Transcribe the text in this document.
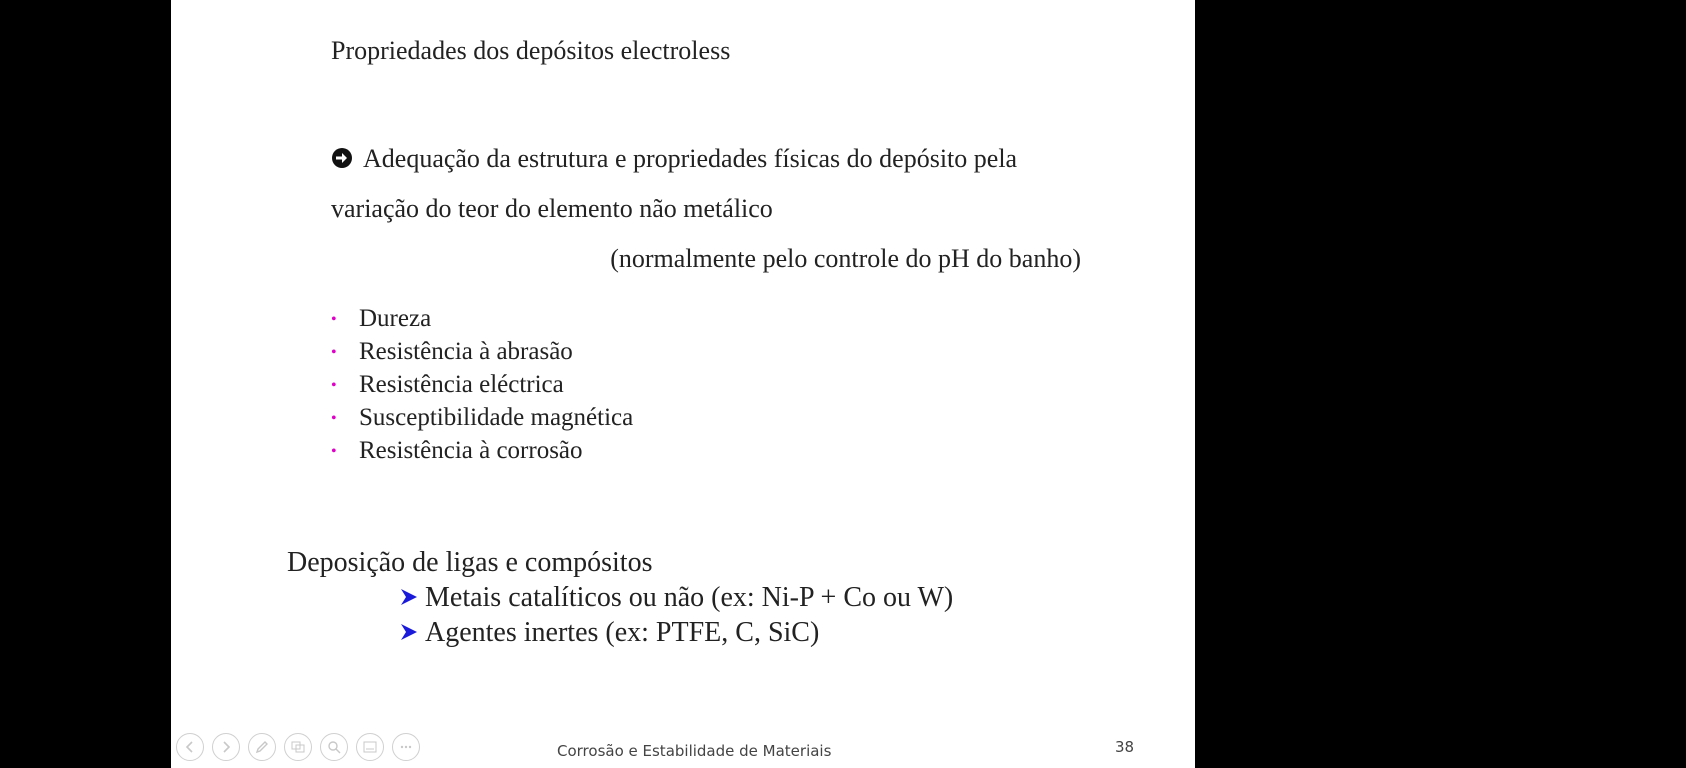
Propriedades dos depósitos electroless
Adequação da estrutura e propriedades físicas do depósito pela
variação do teor do elemento não metálico
(normalmente pelo controle do pH do banho)
• Dureza
• Resistência à abrasão
• Resistência eléctrica
• Susceptibilidade magnética
• Resistência à corrosão
Deposição de ligas e compósitos
Metais catalíticos ou não (ex: Ni-P + Co ou W)
Agentes inertes (ex: PTFE, C, SiC)
Corrosão e Estabilidade de Materiais	38
